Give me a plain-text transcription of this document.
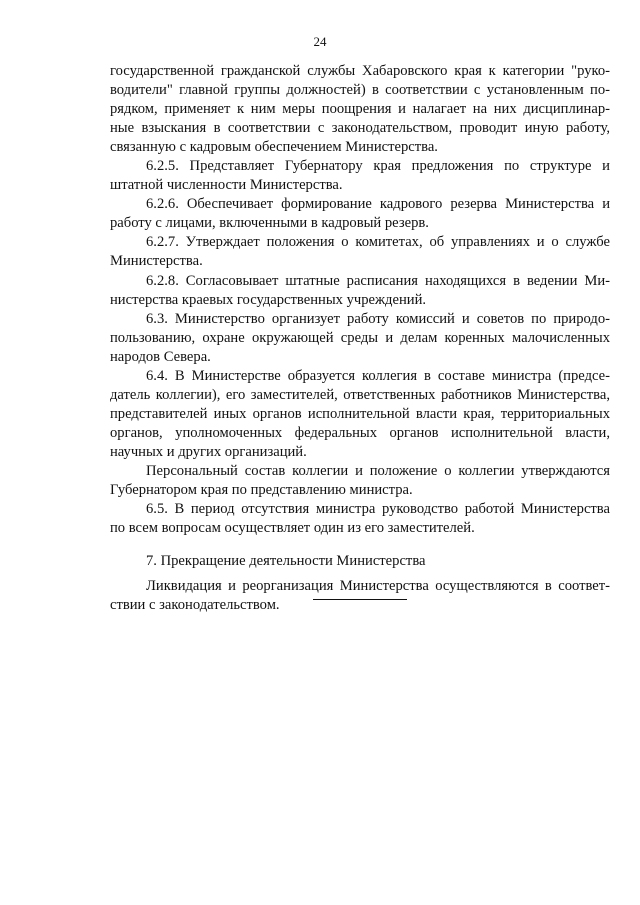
24
государственной гражданской службы Хабаровского края к категории "руко-
водители" главной группы должностей) в соответствии с установленным по-
рядком, применяет к ним меры поощрения и налагает на них дисциплинар-
ные взыскания в соответствии с законодательством, проводит иную работу,
связанную с кадровым обеспечением Министерства.
6.2.5. Представляет Губернатору края предложения по структуре и
штатной численности Министерства.
6.2.6. Обеспечивает формирование кадрового резерва Министерства и
работу с лицами, включенными в кадровый резерв.
6.2.7. Утверждает положения о комитетах, об управлениях и о службе
Министерства.
6.2.8. Согласовывает штатные расписания находящихся в ведении Ми-
нистерства краевых государственных учреждений.
6.3. Министерство организует работу комиссий и советов по природо-
пользованию, охране окружающей среды и делам коренных малочисленных
народов Севера.
6.4. В Министерстве образуется коллегия в составе министра (предсе-
датель коллегии), его заместителей, ответственных работников Министерства,
представителей иных органов исполнительной власти края, территориальных
органов, уполномоченных федеральных органов исполнительной власти,
научных и других организаций.
Персональный состав коллегии и положение о коллегии утверждаются
Губернатором края по представлению министра.
6.5. В период отсутствия министра руководство работой Министерства
по всем вопросам осуществляет один из его заместителей.
7. Прекращение деятельности Министерства
Ликвидация и реорганизация Министерства осуществляются в соответ-
ствии с законодательством.
